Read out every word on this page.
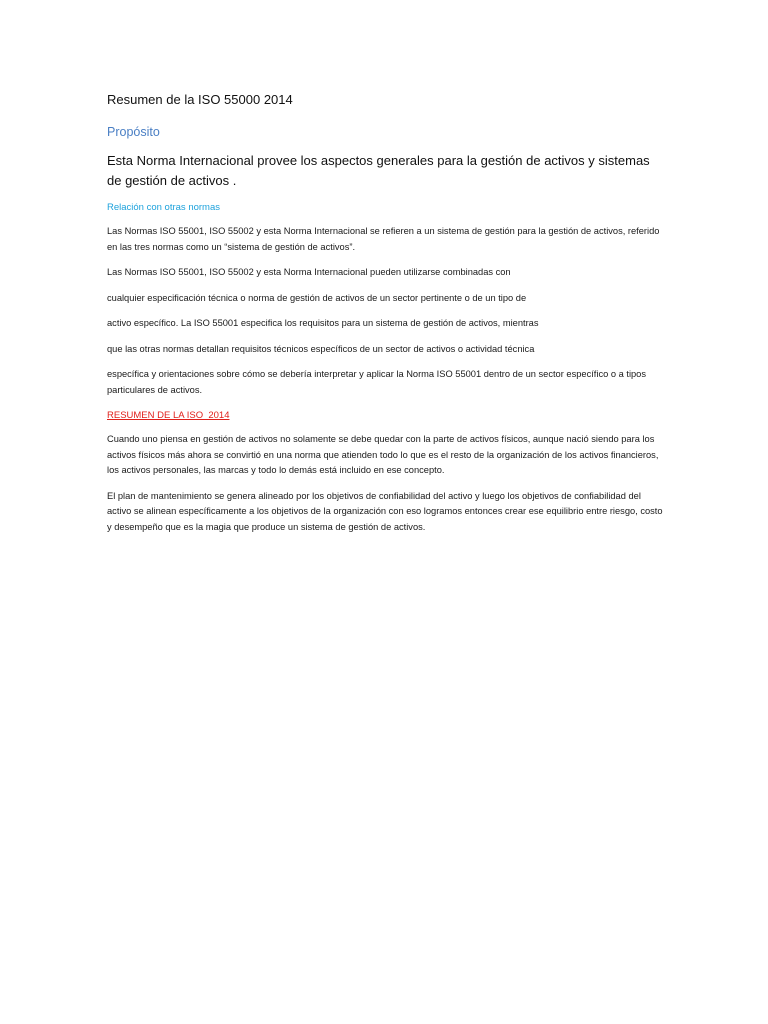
Resumen de la ISO 55000 2014

Propósito

Esta Norma Internacional provee los aspectos generales para la gestión de activos y sistemas de gestión de activos .

Relación con otras normas

Las Normas ISO 55001, ISO 55002 y esta Norma Internacional se refieren a un sistema de gestión para la gestión de activos, referido en las tres normas como un “sistema de gestión de activos”.

Las Normas ISO 55001, ISO 55002 y esta Norma Internacional pueden utilizarse combinadas con

cualquier especificación técnica o norma de gestión de activos de un sector pertinente o de un tipo de

activo específico. La ISO 55001 especifica los requisitos para un sistema de gestión de activos, mientras

que las otras normas detallan requisitos técnicos específicos de un sector de activos o actividad técnica

específica y orientaciones sobre cómo se debería interpretar y aplicar la Norma ISO 55001 dentro de un sector específico o a tipos particulares de activos.

RESUMEN DE LA ISO  2014

Cuando uno piensa en gestión de activos no solamente se debe quedar con la parte de activos físicos, aunque nació siendo para los activos físicos más ahora se convirtió en una norma que atienden todo lo que es el resto de la organización de los activos financieros, los activos personales, las marcas y todo lo demás está incluido en ese concepto.

El plan de mantenimiento se genera alineado por los objetivos de confiabilidad del activo y luego los objetivos de confiabilidad del activo se alinean específicamente a los objetivos de la organización con eso logramos entonces crear ese equilibrio entre riesgo, costo y desempeño que es la magia que produce un sistema de gestión de activos.
